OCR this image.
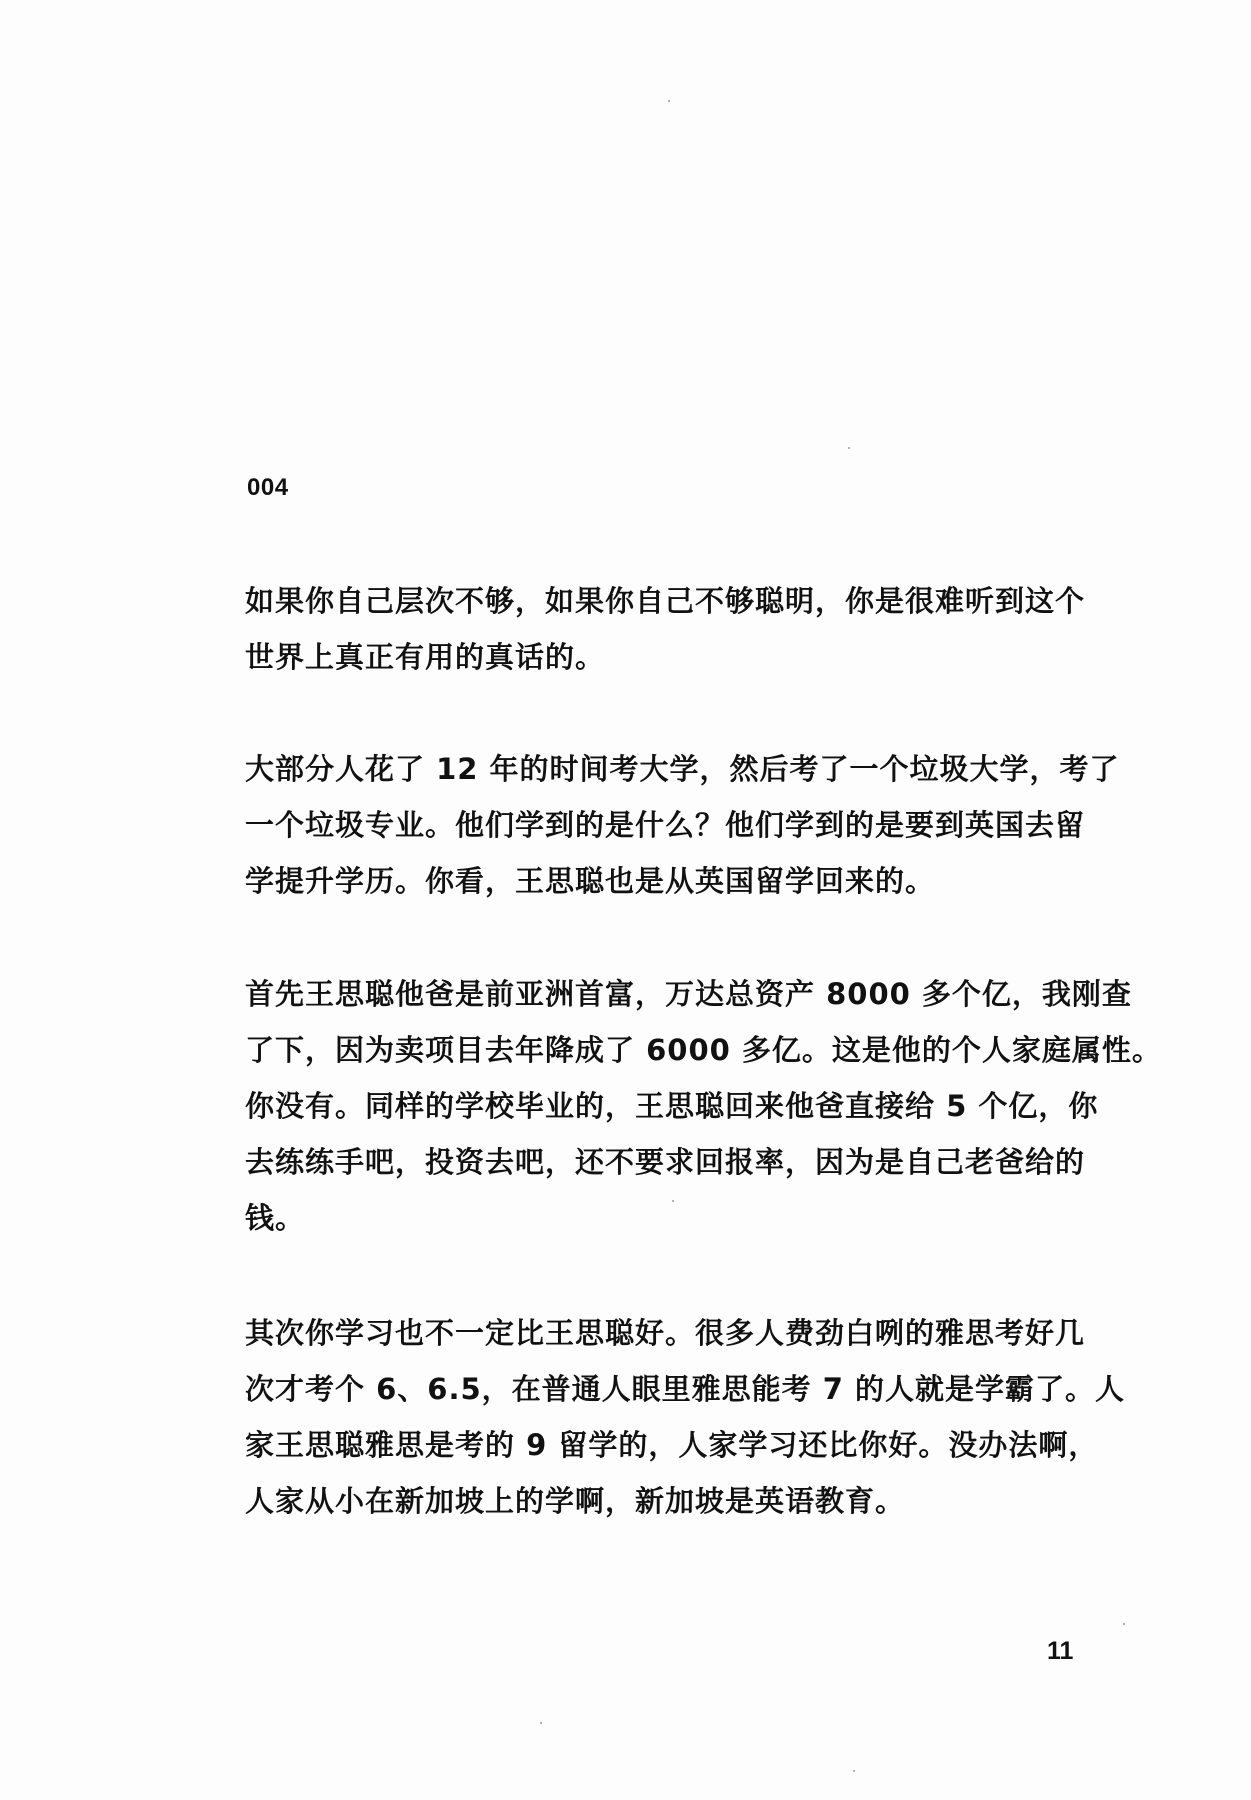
004
如果你自己层次不够，如果你自己不够聪明，你是很难听到这个
世界上真正有用的真话的。
大部分人花了 12 年的时间考大学，然后考了一个垃圾大学，考了
一个垃圾专业。他们学到的是什么？他们学到的是要到英国去留
学提升学历。你看，王思聪也是从英国留学回来的。
首先王思聪他爸是前亚洲首富，万达总资产 8000 多个亿，我刚查
了下，因为卖项目去年降成了 6000 多亿。这是他的个人家庭属性。
你没有。同样的学校毕业的，王思聪回来他爸直接给 5 个亿，你
去练练手吧，投资去吧，还不要求回报率，因为是自己老爸给的
钱。
其次你学习也不一定比王思聪好。很多人费劲白咧的雅思考好几
次才考个 6、6.5，在普通人眼里雅思能考 7 的人就是学霸了。人
家王思聪雅思是考的 9 留学的，人家学习还比你好。没办法啊，
人家从小在新加坡上的学啊，新加坡是英语教育。
11
